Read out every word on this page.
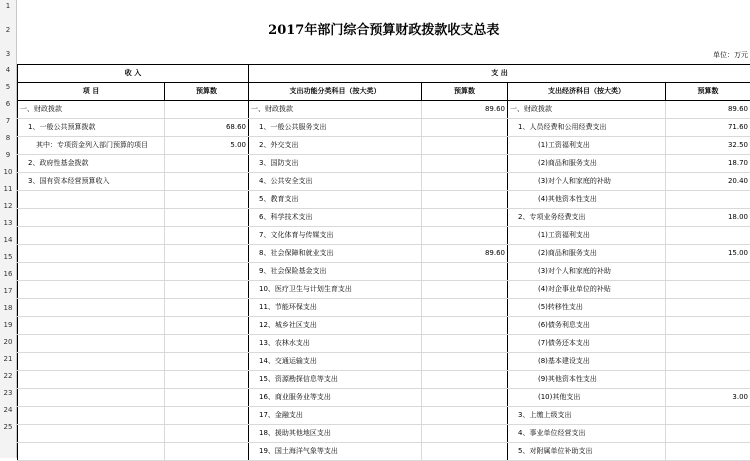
1
2
3
4
5
6
7
8
9
10
11
12
13
14
15
16
17
18
19
20
21
22
23
24
25

2017年部门综合预算财政拨款收支总表					
单位：万元					
收 入		支 出			
项 目	预算数	支出功能分类科目（按大类）	预算数	支出经济科目（按大类）	预算数
一、财政拨款		一、财政拨款	89.60	一、财政拨款	89.60
1、一般公共预算拨款	68.60	1、一般公共服务支出		1、人员经费和公用经费支出	71.60
其中：专项资金列入部门预算的项目	5.00	2、外交支出		(1)工资福利支出	32.50
2、政府性基金拨款		3、国防支出		(2)商品和服务支出	18.70
3、国有资本经营预算收入		4、公共安全支出		(3)对个人和家庭的补助	20.40
		5、教育支出		(4)其他资本性支出	
		6、科学技术支出		2、专项业务经费支出	18.00
		7、文化体育与传媒支出		(1)工资福利支出	
		8、社会保障和就业支出	89.60	(2)商品和服务支出	15.00
		9、社会保险基金支出		(3)对个人和家庭的补助	
		10、医疗卫生与计划生育支出		(4)对企事业单位的补贴	
		11、节能环保支出		(5)转移性支出	
		12、城乡社区支出		(6)债务利息支出	
		13、农林水支出		(7)债务还本支出	
		14、交通运输支出		(8)基本建设支出	
		15、资源勘探信息等支出		(9)其他资本性支出	
		16、商业服务业等支出		(10)其他支出	3.00
		17、金融支出		3、上缴上级支出	
		18、援助其他地区支出		4、事业单位经营支出	
		19、国土海洋气象等支出		5、对附属单位补助支出	
